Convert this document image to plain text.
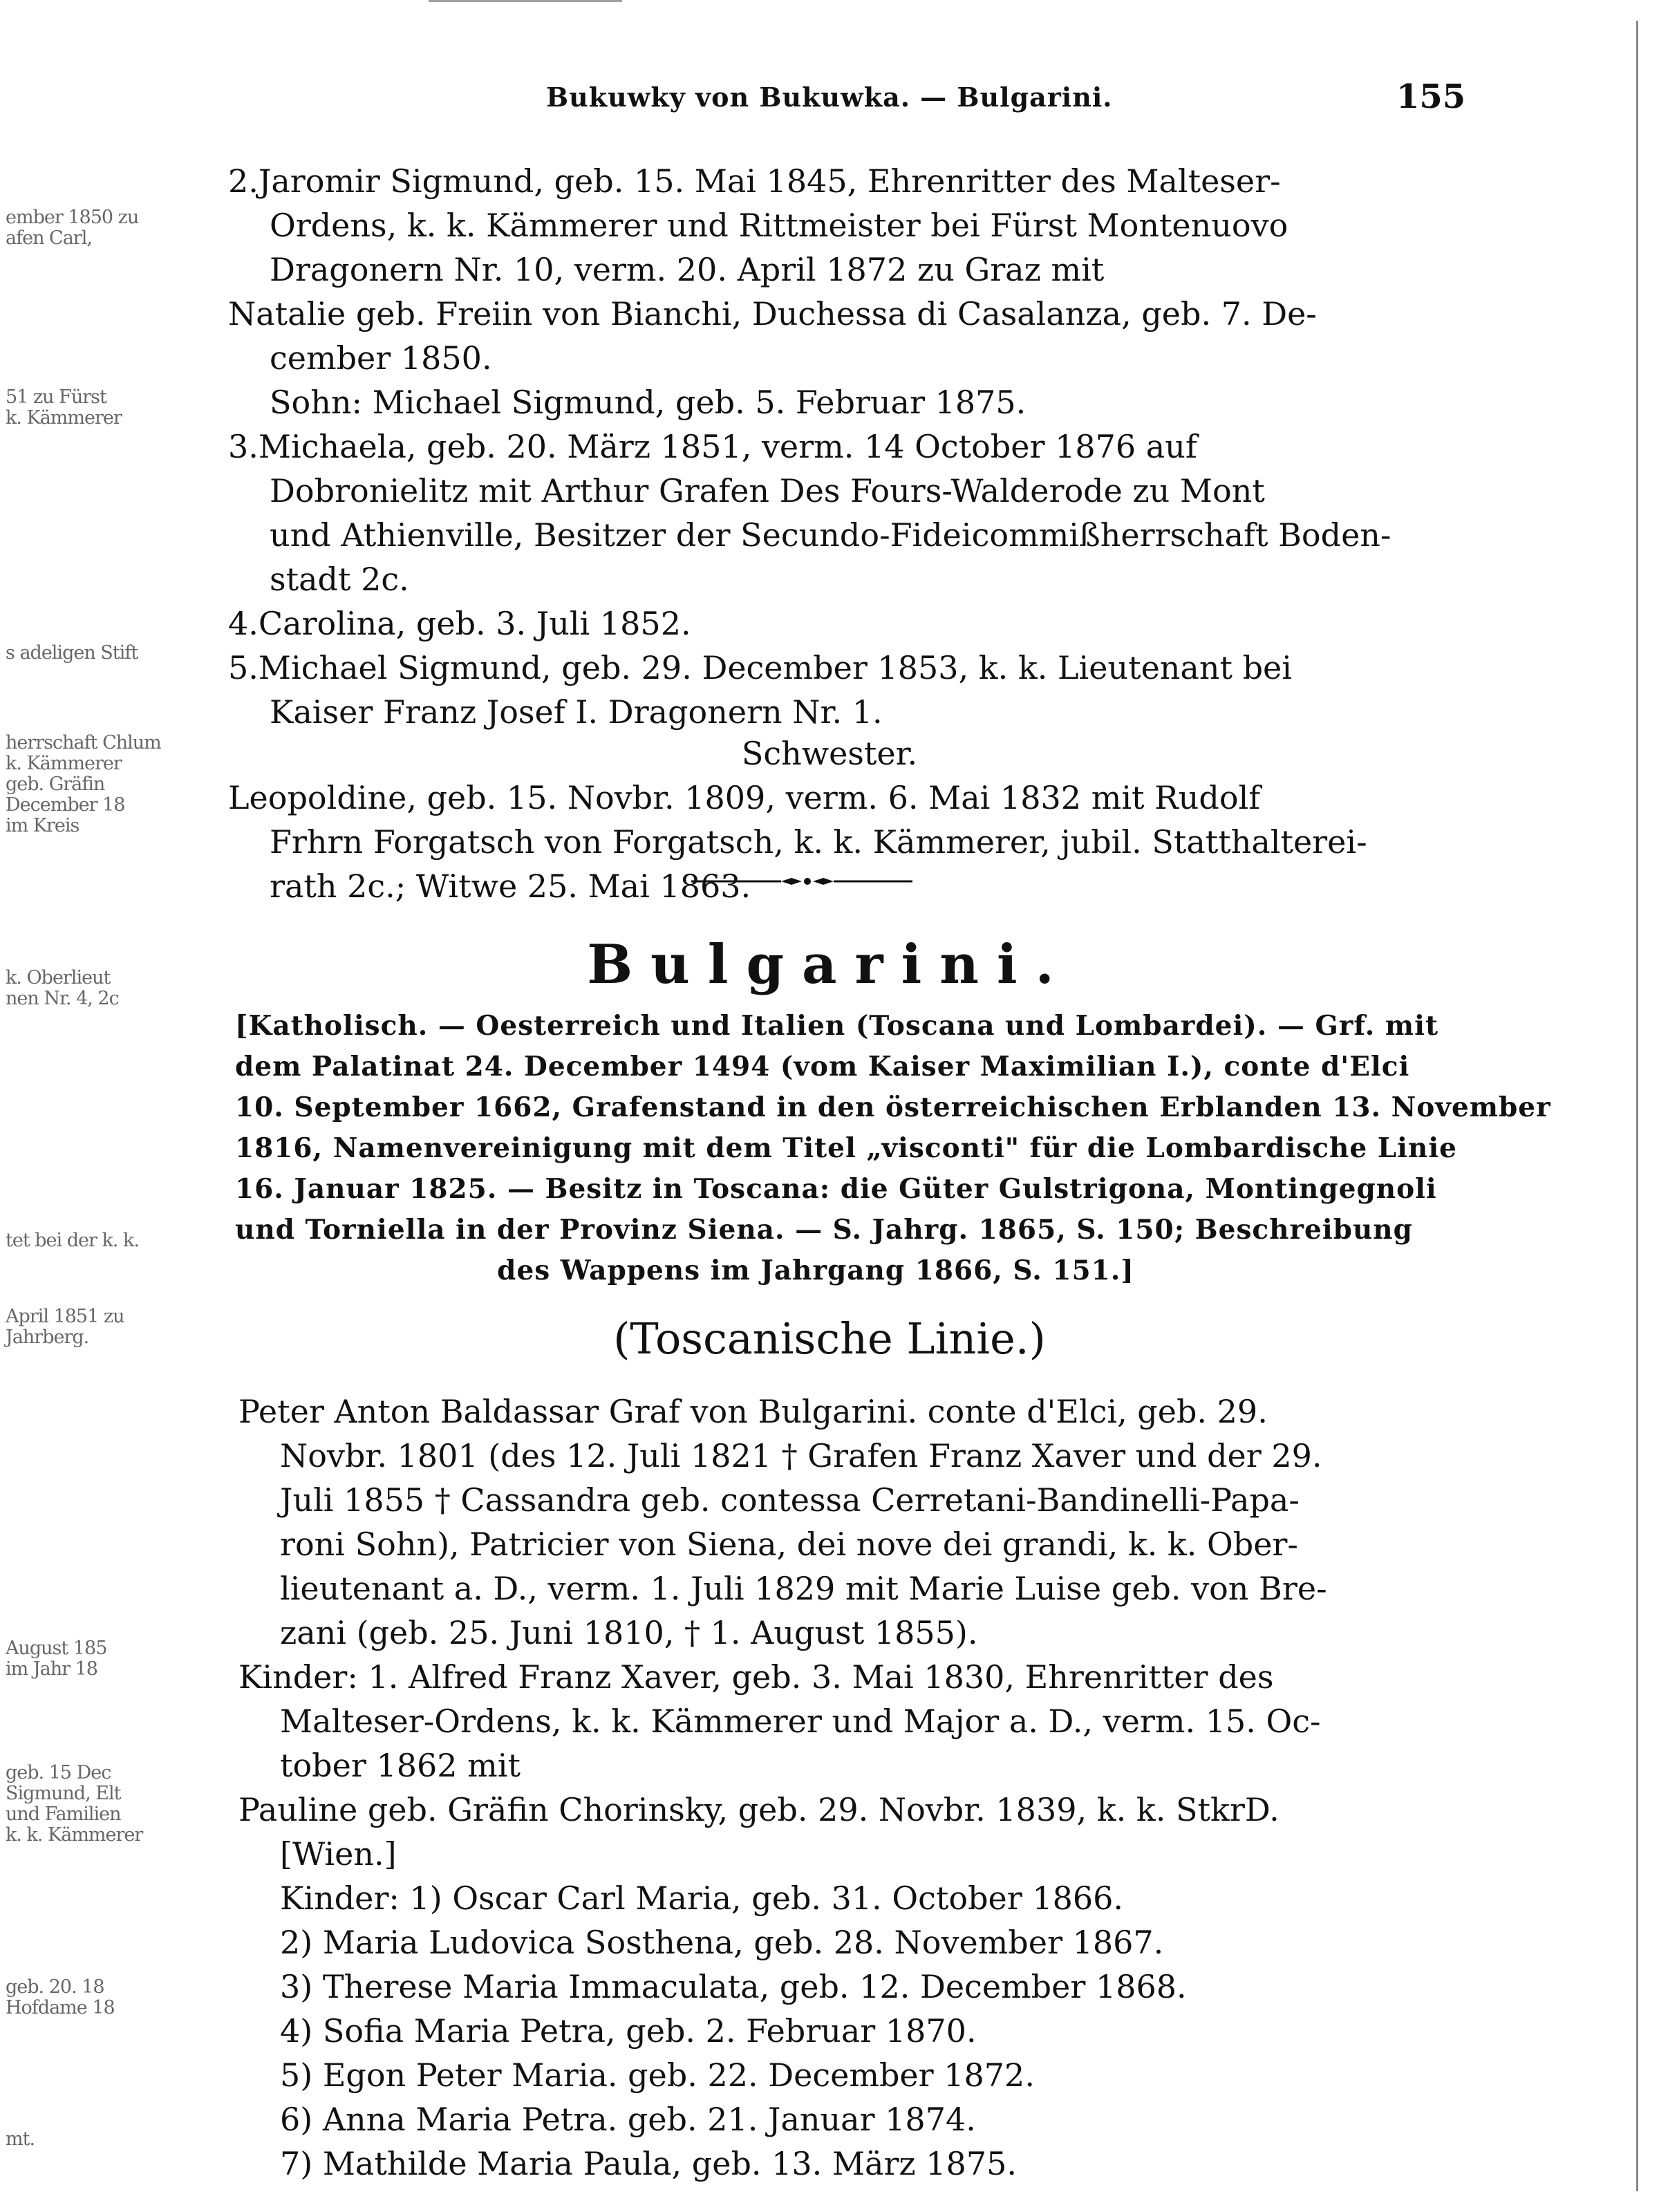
ember 1850 zu
afen Carl,
51 zu Fürst
k. Kämmerer
s adeligen Stift
herrschaft Chlum
k. Kämmerer
geb. Gräfin
December 18
im Kreis
k. Oberlieut
nen Nr. 4, 2c
tet bei der k. k.
April 1851 zu
Jahrberg.
August 185
im Jahr 18
geb. 15 Dec
Sigmund, Elt
und Familien
k. k. Kämmerer
geb. 20. 18
Hofdame 18
mt.
Bukuwky von Bukuwka. — Bulgarini.	155
2.Jaromir Sigmund, geb. 15. Mai 1845, Ehrenritter des Malteser-
Ordens, k. k. Kämmerer und Rittmeister bei Fürst Montenuovo
Dragonern Nr. 10, verm. 20. April 1872 zu Graz mit
Natalie geb. Freiin von Bianchi, Duchessa di Casalanza, geb. 7. De-
cember 1850.
Sohn: Michael Sigmund, geb. 5. Februar 1875.
3.Michaela, geb. 20. März 1851, verm. 14 October 1876 auf
Dobronielitz mit Arthur Grafen Des Fours-Walderode zu Mont
und Athienville, Besitzer der Secundo-Fideicommißherrschaft Boden-
stadt 2c.
4.Carolina, geb. 3. Juli 1852.
5.Michael Sigmund, geb. 29. December 1853, k. k. Lieutenant bei
Kaiser Franz Josef I. Dragonern Nr. 1.
Schwester.
Leopoldine, geb. 15. Novbr. 1809, verm. 6. Mai 1832 mit Rudolf
Frhrn Forgatsch von Forgatsch, k. k. Kämmerer, jubil. Statthalterei-
rath 2c.; Witwe 25. Mai 1863.
Bulgarini.
[Katholisch. — Oesterreich und Italien (Toscana und Lombardei). — Grf. mit
dem Palatinat 24. December 1494 (vom Kaiser Maximilian I.), conte d'Elci
10. September 1662, Grafenstand in den österreichischen Erblanden 13. November
1816, Namenvereinigung mit dem Titel „visconti" für die Lombardische Linie
16. Januar 1825. — Besitz in Toscana: die Güter Gulstrigona, Montingegnoli
und Torniella in der Provinz Siena. — S. Jahrg. 1865, S. 150; Beschreibung
des Wappens im Jahrgang 1866, S. 151.]
(Toscanische Linie.)
Peter Anton Baldassar Graf von Bulgarini. conte d'Elci, geb. 29.
Novbr. 1801 (des 12. Juli 1821 † Grafen Franz Xaver und der 29.
Juli 1855 † Cassandra geb. contessa Cerretani-Bandinelli-Papa-
roni Sohn), Patricier von Siena, dei nove dei grandi, k. k. Ober-
lieutenant a. D., verm. 1. Juli 1829 mit Marie Luise geb. von Bre-
zani (geb. 25. Juni 1810, † 1. August 1855).
Kinder: 1. Alfred Franz Xaver, geb. 3. Mai 1830, Ehrenritter des
Malteser-Ordens, k. k. Kämmerer und Major a. D., verm. 15. Oc-
tober 1862 mit
Pauline geb. Gräfin Chorinsky, geb. 29. Novbr. 1839, k. k. StkrD.
[Wien.]
Kinder: 1) Oscar Carl Maria, geb. 31. October 1866.
2) Maria Ludovica Sosthena, geb. 28. November 1867.
3) Therese Maria Immaculata, geb. 12. December 1868.
4) Sofia Maria Petra, geb. 2. Februar 1870.
5) Egon Peter Maria. geb. 22. December 1872.
6) Anna Maria Petra. geb. 21. Januar 1874.
7) Mathilde Maria Paula, geb. 13. März 1875.
